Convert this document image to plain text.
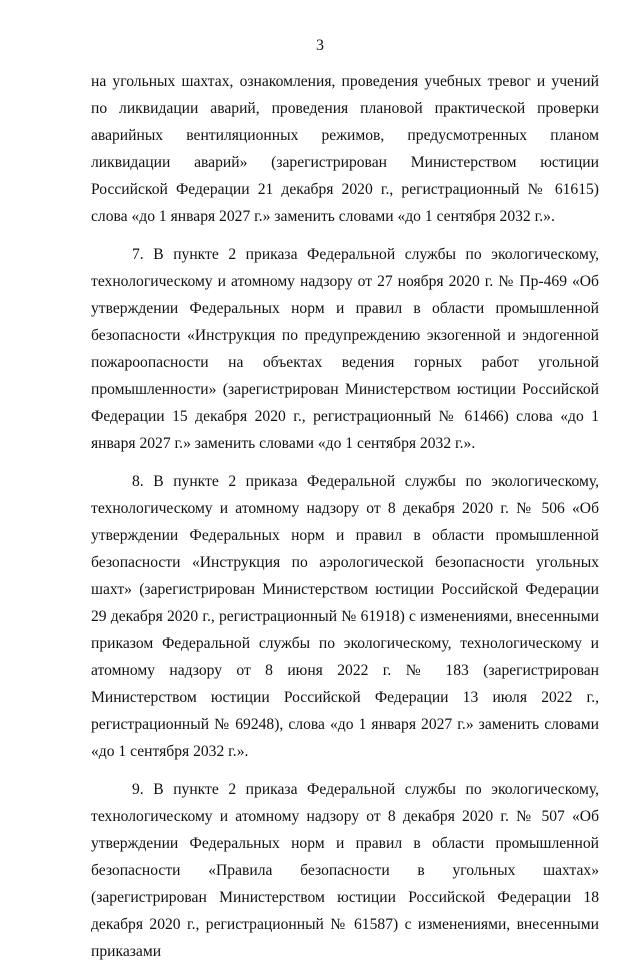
3

на угольных шахтах, ознакомления, проведения учебных тревог и учений по ликвидации аварий, проведения плановой практической проверки аварийных вентиляционных режимов, предусмотренных планом ликвидации аварий» (зарегистрирован Министерством юстиции Российской Федерации 21 декабря 2020 г., регистрационный № 61615) слова «до 1 января 2027 г.» заменить словами «до 1 сентября 2032 г.».

7. В пункте 2 приказа Федеральной службы по экологическому, технологическому и атомному надзору от 27 ноября 2020 г. № Пр-469 «Об утверждении Федеральных норм и правил в области промышленной безопасности «Инструкция по предупреждению экзогенной и эндогенной пожароопасности на объектах ведения горных работ угольной промышленности» (зарегистрирован Министерством юстиции Российской Федерации 15 декабря 2020 г., регистрационный № 61466) слова «до 1 января 2027 г.» заменить словами «до 1 сентября 2032 г.».

8. В пункте 2 приказа Федеральной службы по экологическому, технологическому и атомному надзору от 8 декабря 2020 г. № 506 «Об утверждении Федеральных норм и правил в области промышленной безопасности «Инструкция по аэрологической безопасности угольных шахт» (зарегистрирован Министерством юстиции Российской Федерации 29 декабря 2020 г., регистрационный № 61918) с изменениями, внесенными приказом Федеральной службы по экологическому, технологическому и атомному надзору от 8 июня 2022 г. № 183 (зарегистрирован Министерством юстиции Российской Федерации 13 июля 2022 г., регистрационный № 69248), слова «до 1 января 2027 г.» заменить словами «до 1 сентября 2032 г.».

9. В пункте 2 приказа Федеральной службы по экологическому, технологическому и атомному надзору от 8 декабря 2020 г. № 507 «Об утверждении Федеральных норм и правил в области промышленной безопасности «Правила безопасности в угольных шахтах» (зарегистрирован Министерством юстиции Российской Федерации 18 декабря 2020 г., регистрационный № 61587) с изменениями, внесенными приказами
